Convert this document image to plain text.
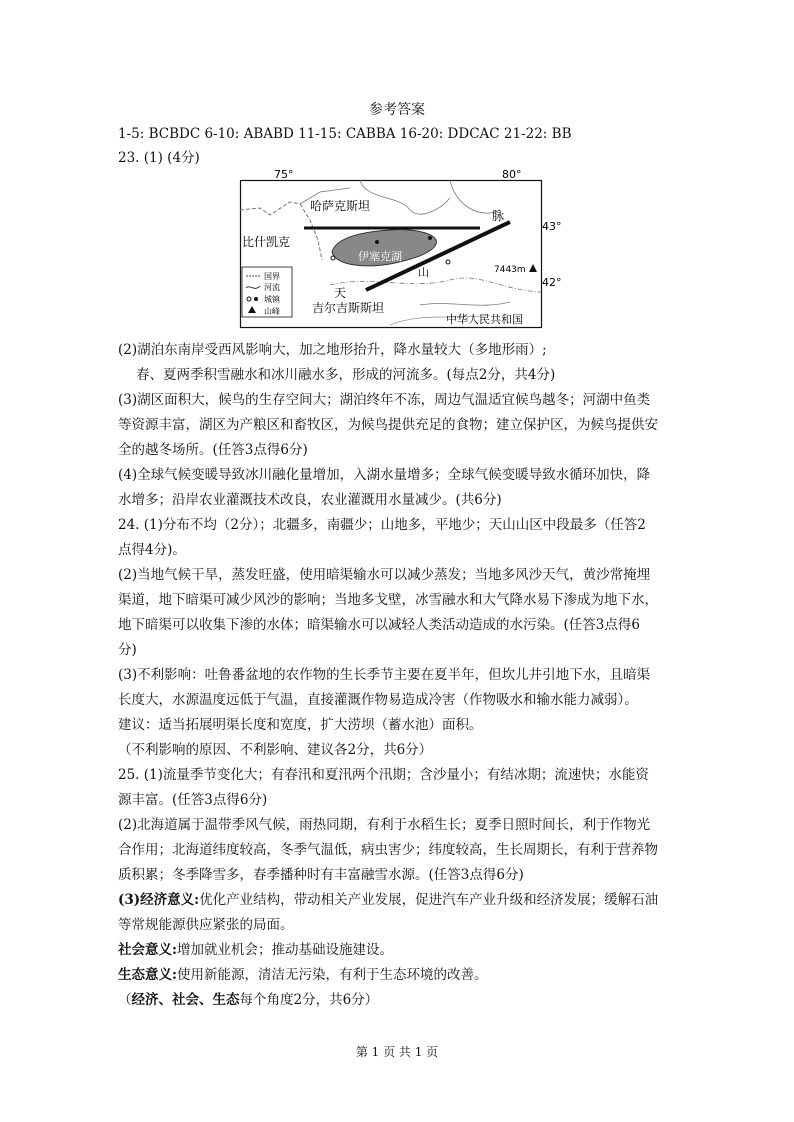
参考答案
1-5: BCBDC 6-10: ABABD 11-15: CABBA 16-20: DDCAC 21-22: BB
23. (1) (4分)
75°	80°
43°
42°
哈萨克斯坦
比什凯克
伊塞克湖
脉
天
山	7443m
吉尔吉斯斯坦
中华人民共和国
国界
河流
城镇
山峰
(2)湖泊东南岸受西风影响大，加之地形抬升，降水量较大（多地形雨）;
春、夏两季积雪融水和冰川融水多，形成的河流多。(每点2分，共4分)
(3)湖区面积大，候鸟的生存空间大；湖泊终年不冻，周边气温适宜候鸟越冬；河湖中鱼类
等资源丰富，湖区为产粮区和畜牧区，为候鸟提供充足的食物；建立保护区，为候鸟提供安
全的越冬场所。(任答3点得6分)
(4)全球气候变暖导致冰川融化量增加，入湖水量增多；全球气候变暖导致水循环加快，降
水增多；沿岸农业灌溉技术改良，农业灌溉用水量减少。(共6分)
24. (1)分布不均（2分）；北疆多，南疆少；山地多，平地少；天山山区中段最多（任答2
点得4分)。
(2)当地气候干旱，蒸发旺盛，使用暗渠输水可以减少蒸发；当地多风沙天气，黄沙常掩埋
渠道，地下暗渠可减少风沙的影响；当地多戈壁，冰雪融水和大气降水易下渗成为地下水，
地下暗渠可以收集下渗的水体；暗渠输水可以减轻人类活动造成的水污染。(任答3点得6
分)
(3)不利影响：吐鲁番盆地的农作物的生长季节主要在夏半年，但坎儿井引地下水，且暗渠
长度大，水源温度远低于气温，直接灌溉作物易造成冷害（作物吸水和输水能力减弱）。
建议：适当拓展明渠长度和宽度，扩大涝坝（蓄水池）面积。
（不利影响的原因、不利影响、建议各2分，共6分）
25. (1)流量季节变化大；有春汛和夏汛两个汛期；含沙量小；有结冰期；流速快；水能资
源丰富。(任答3点得6分)
(2)北海道属于温带季风气候，雨热同期，有利于水稻生长；夏季日照时间长，利于作物光
合作用；北海道纬度较高，冬季气温低，病虫害少；纬度较高，生长周期长，有利于营养物
质积累；冬季降雪多，春季播种时有丰富融雪水源。(任答3点得6分)
(3)经济意义:优化产业结构，带动相关产业发展，促进汽车产业升级和经济发展；缓解石油
等常规能源供应紧张的局面。
社会意义:增加就业机会；推动基础设施建设。
生态意义:使用新能源，清洁无污染，有利于生态环境的改善。
（经济、社会、生态每个角度2分，共6分）
第 1 页 共 1 页
